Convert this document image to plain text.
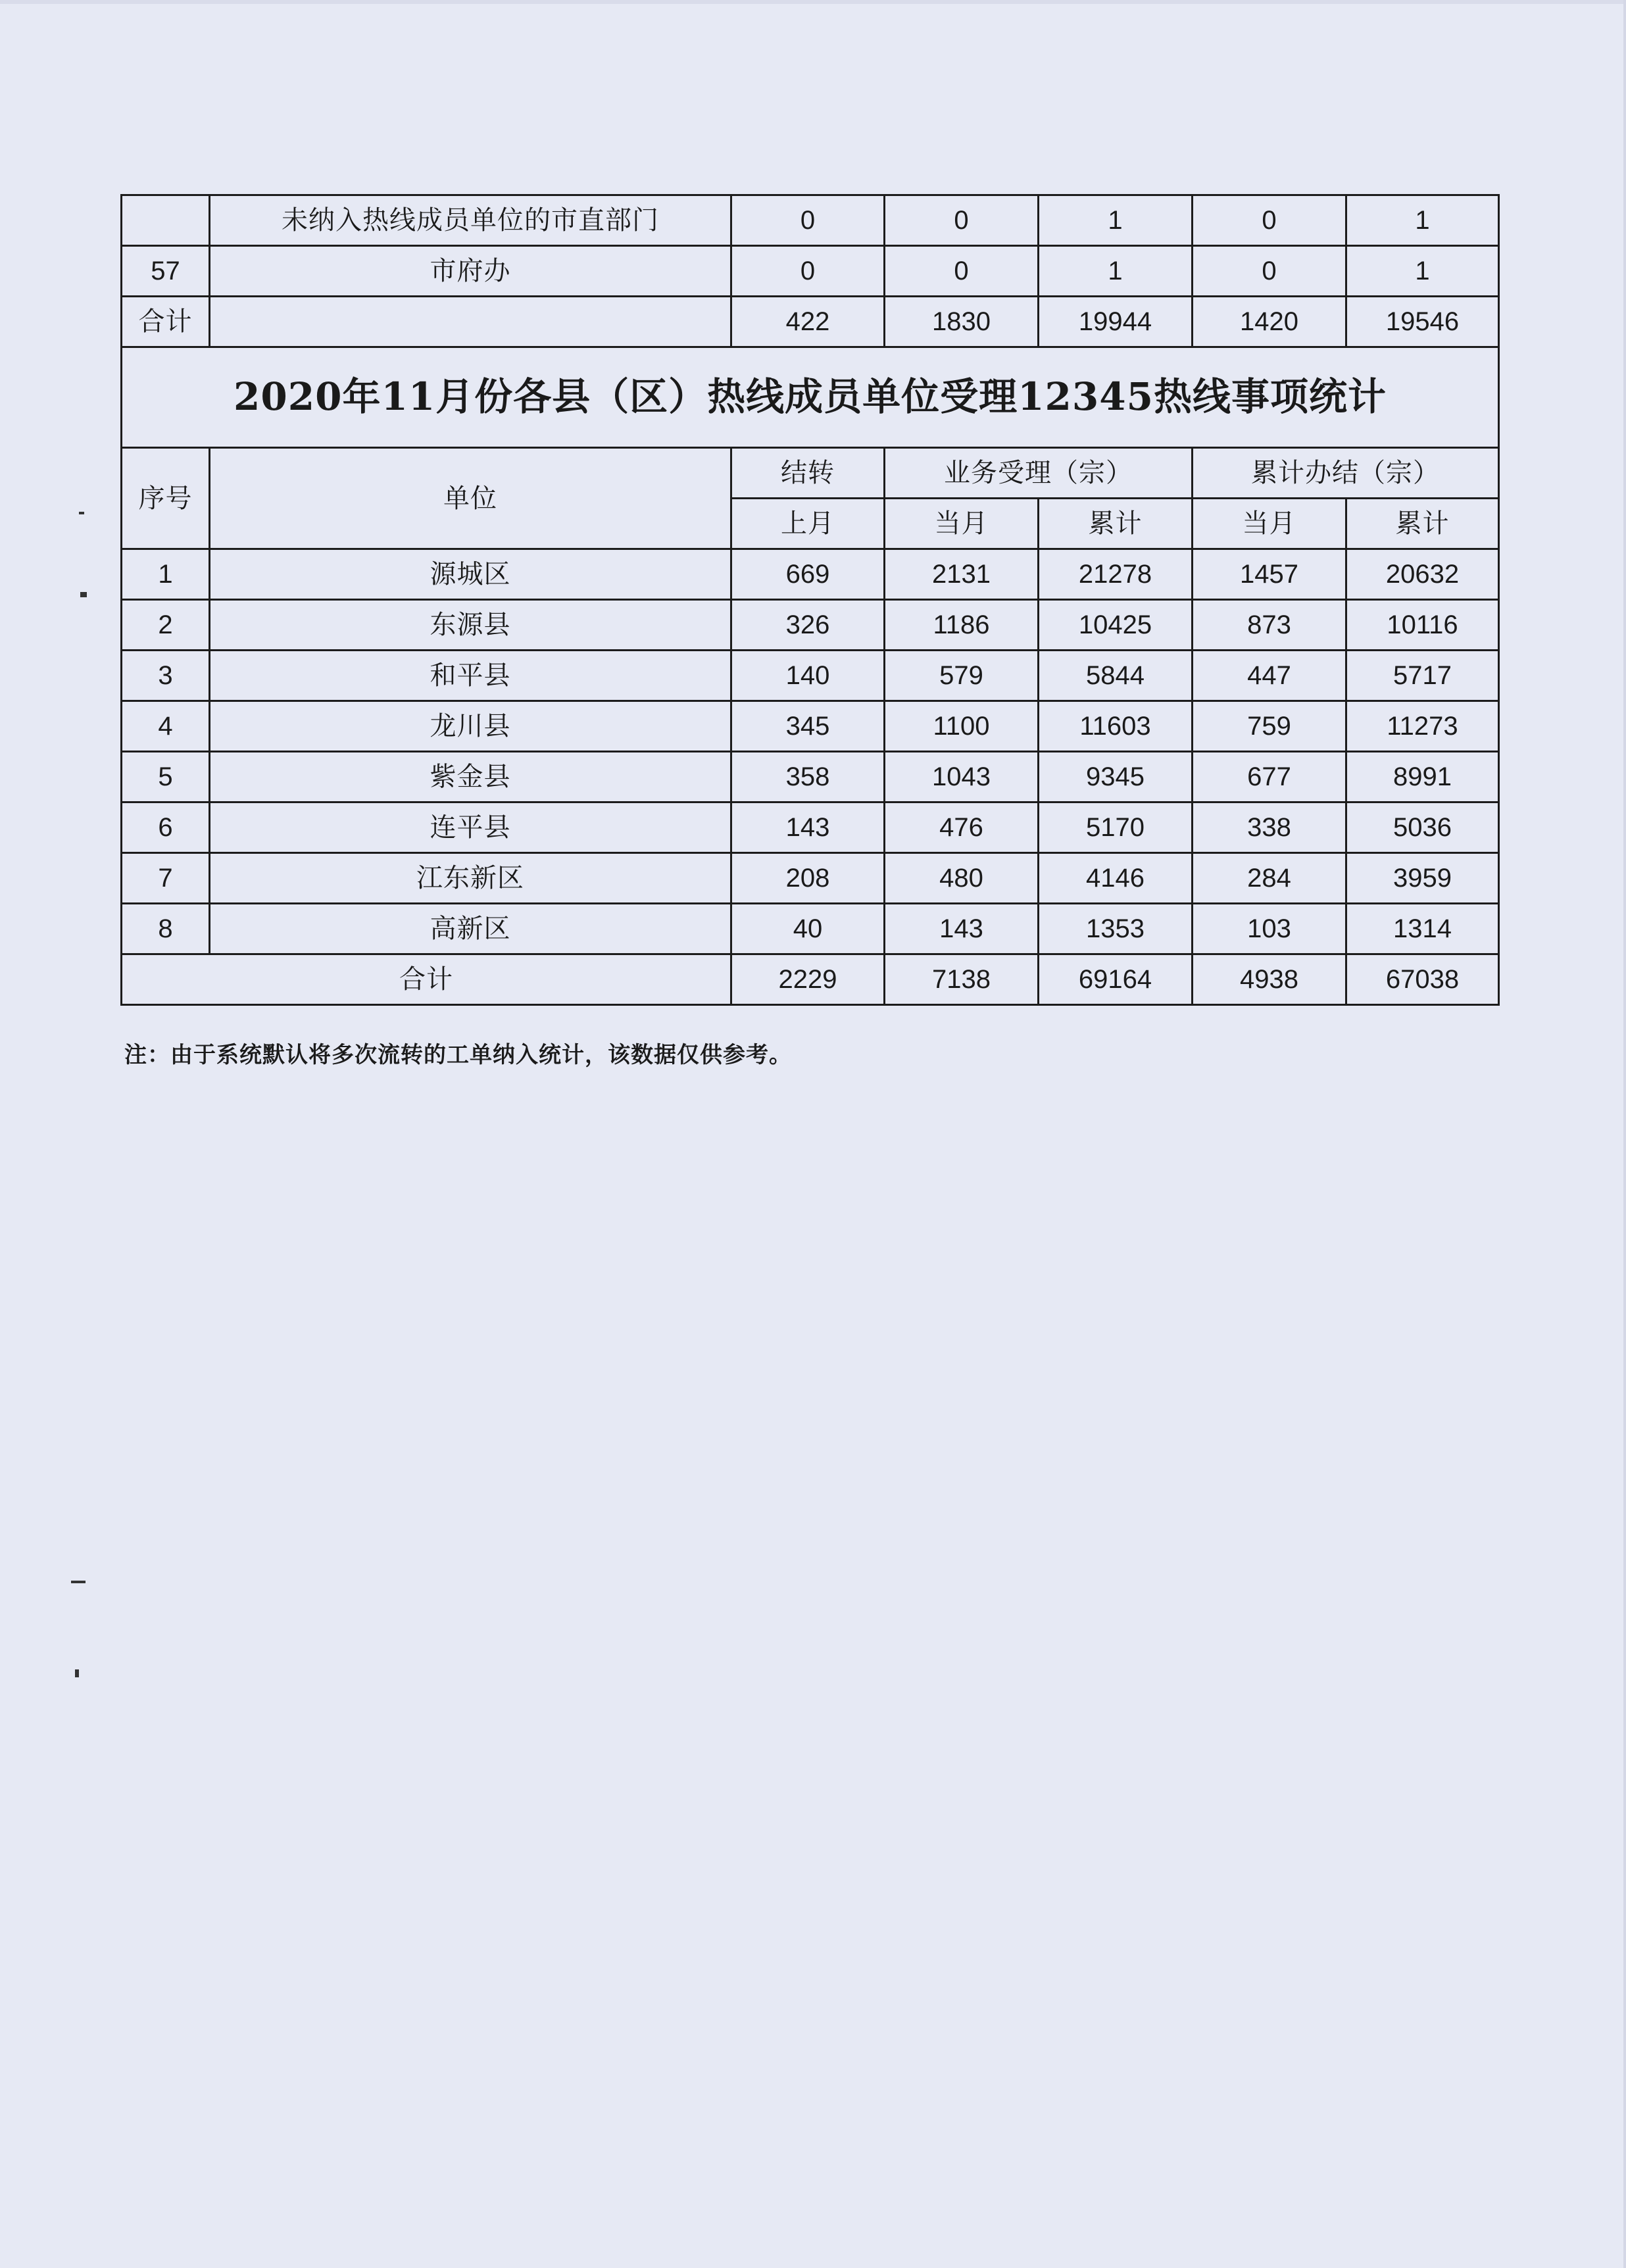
	未纳入热线成员单位的市直部门	0	0	1	0	1
57	市府办	0	0	1	0	1
合计		422	1830	19944	1420	19546
2020年11月份各县（区）热线成员单位受理12345热线事项统计						
序号	单位	结转	业务受理（宗）		累计办结（宗）	
		上月	当月	累计	当月	累计
1	源城区	669	2131	21278	1457	20632
2	东源县	326	1186	10425	873	10116
3	和平县	140	579	5844	447	5717
4	龙川县	345	1100	11603	759	11273
5	紫金县	358	1043	9345	677	8991
6	连平县	143	476	5170	338	5036
7	江东新区	208	480	4146	284	3959
8	高新区	40	143	1353	103	1314
合计		2229	7138	69164	4938	67038
注：由于系统默认将多次流转的工单纳入统计，该数据仅供参考。
